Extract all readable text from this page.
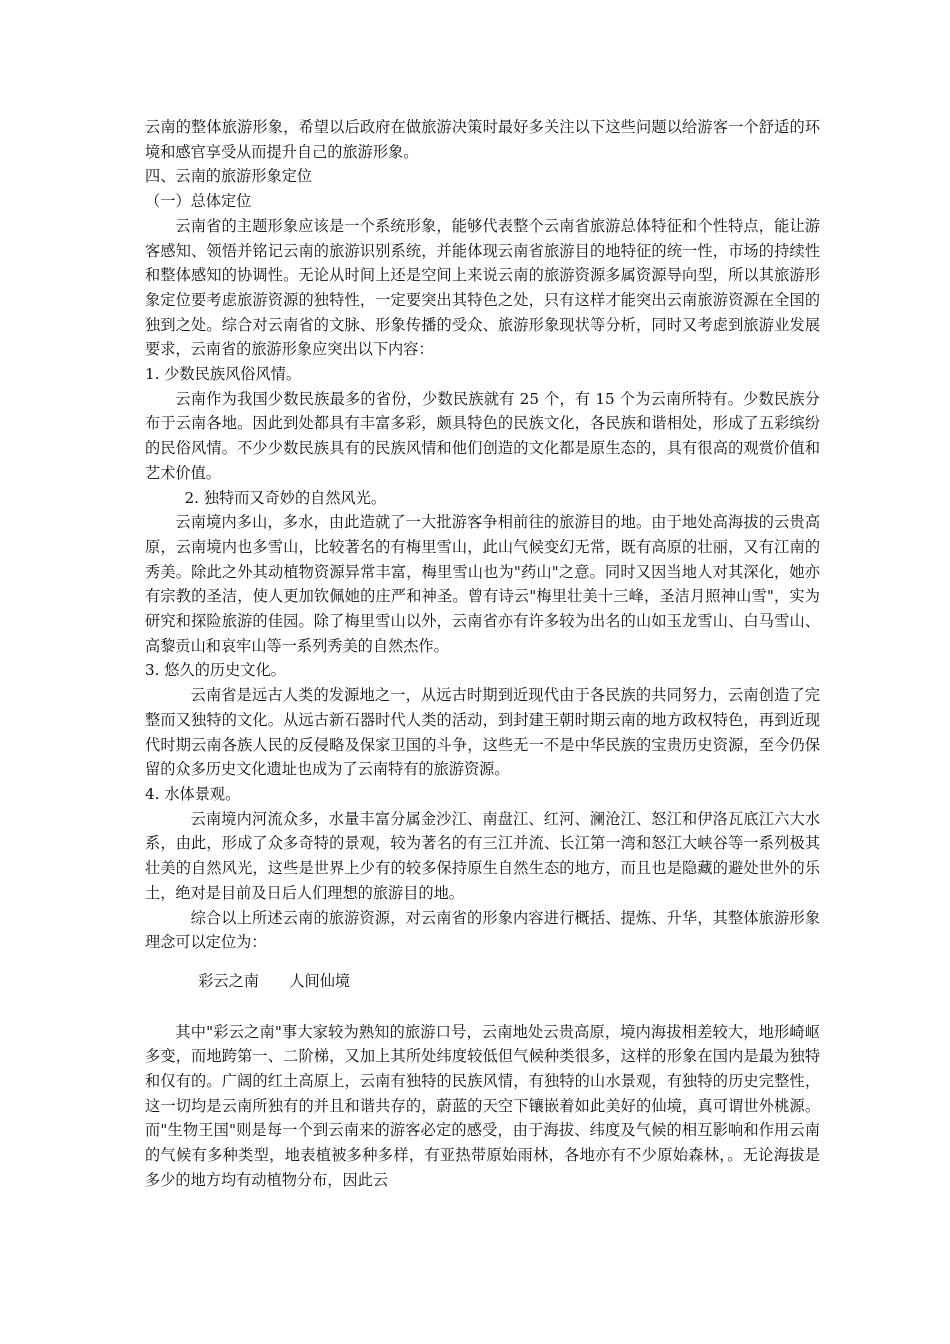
云南的整体旅游形象，希望以后政府在做旅游决策时最好多关注以下这些问题以给游客一个舒适的环境和感官享受从而提升自己的旅游形象。

四、云南的旅游形象定位

（一）总体定位

云南省的主题形象应该是一个系统形象，能够代表整个云南省旅游总体特征和个性特点，能让游客感知、领悟并铭记云南的旅游识别系统，并能体现云南省旅游目的地特征的统一性，市场的持续性和整体感知的协调性。无论从时间上还是空间上来说云南的旅游资源多属资源导向型，所以其旅游形象定位要考虑旅游资源的独特性，一定要突出其特色之处，只有这样才能突出云南旅游资源在全国的独到之处。综合对云南省的文脉、形象传播的受众、旅游形象现状等分析，同时又考虑到旅游业发展要求，云南省的旅游形象应突出以下内容：

1. 少数民族风俗风情。

云南作为我国少数民族最多的省份，少数民族就有 25 个，有 15 个为云南所特有。少数民族分布于云南各地。因此到处都具有丰富多彩，颇具特色的民族文化，各民族和谐相处，形成了五彩缤纷的民俗风情。不少少数民族具有的民族风情和他们创造的文化都是原生态的，具有很高的观赏价值和艺术价值。

2. 独特而又奇妙的自然风光。

云南境内多山，多水，由此造就了一大批游客争相前往的旅游目的地。由于地处高海拔的云贵高原，云南境内也多雪山，比较著名的有梅里雪山，此山气候变幻无常，既有高原的壮丽，又有江南的秀美。除此之外其动植物资源异常丰富，梅里雪山也为"药山"之意。同时又因当地人对其深化，她亦有宗教的圣洁，使人更加钦佩她的庄严和神圣。曾有诗云"梅里壮美十三峰，圣洁月照神山雪"，实为研究和探险旅游的佳园。除了梅里雪山以外，云南省亦有许多较为出名的山如玉龙雪山、白马雪山、高黎贡山和哀牢山等一系列秀美的自然杰作。

3. 悠久的历史文化。

云南省是远古人类的发源地之一，从远古时期到近现代由于各民族的共同努力，云南创造了完整而又独特的文化。从远古新石器时代人类的活动，到封建王朝时期云南的地方政权特色，再到近现代时期云南各族人民的反侵略及保家卫国的斗争，这些无一不是中华民族的宝贵历史资源，至今仍保留的众多历史文化遗址也成为了云南特有的旅游资源。

4. 水体景观。

云南境内河流众多，水量丰富分属金沙江、南盘江、红河、澜沧江、怒江和伊洛瓦底江六大水系，由此，形成了众多奇特的景观，较为著名的有三江并流、长江第一湾和怒江大峡谷等一系列极其壮美的自然风光，这些是世界上少有的较多保持原生自然生态的地方，而且也是隐藏的避处世外的乐土，绝对是目前及日后人们理想的旅游目的地。

综合以上所述云南的旅游资源，对云南省的形象内容进行概括、提炼、升华，其整体旅游形象理念可以定位为：

彩云之南 人间仙境

其中"彩云之南"事大家较为熟知的旅游口号，云南地处云贵高原，境内海拔相差较大，地形崎岖多变，而地跨第一、二阶梯，又加上其所处纬度较低但气候种类很多，这样的形象在国内是最为独特和仅有的。广阔的红土高原上，云南有独特的民族风情，有独特的山水景观，有独特的历史完整性，这一切均是云南所独有的并且和谐共存的，蔚蓝的天空下镶嵌着如此美好的仙境，真可谓世外桃源。而"生物王国"则是每一个到云南来的游客必定的感受，由于海拔、纬度及气候的相互影响和作用云南的气候有多种类型，地表植被多种多样，有亚热带原始雨林，各地亦有不少原始森林，。无论海拔是多少的地方均有动植物分布，因此云
